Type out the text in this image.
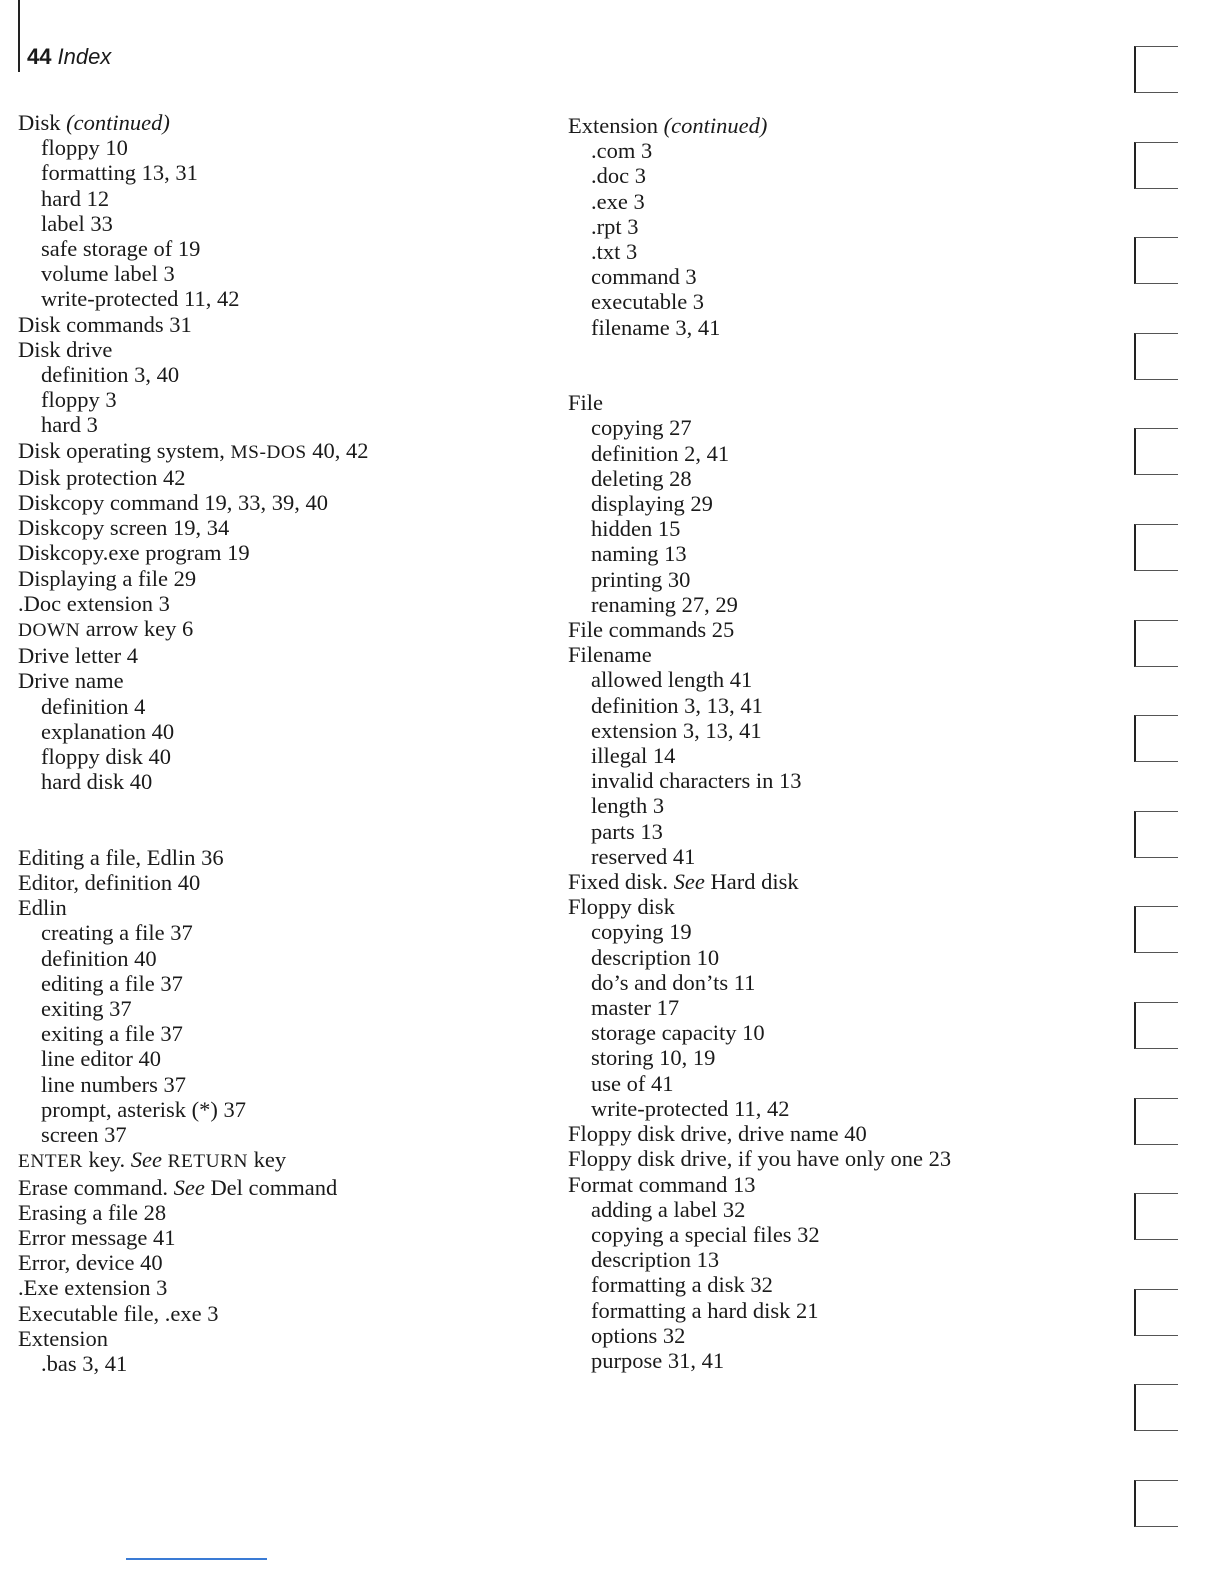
44 Index
Disk (continued)
floppy 10
formatting 13, 31
hard 12
label 33
safe storage of 19
volume label 3
write-protected 11, 42
Disk commands 31
Disk drive
definition 3, 40
floppy 3
hard 3
Disk operating system, MS-DOS 40, 42
Disk protection 42
Diskcopy command 19, 33, 39, 40
Diskcopy screen 19, 34
Diskcopy.exe program 19
Displaying a file 29
.Doc extension 3
DOWN arrow key 6
Drive letter 4
Drive name
definition 4
explanation 40
floppy disk 40
hard disk 40
Editing a file, Edlin 36
Editor, definition 40
Edlin
creating a file 37
definition 40
editing a file 37
exiting 37
exiting a file 37
line editor 40
line numbers 37
prompt, asterisk (*) 37
screen 37
ENTER key. See RETURN key
Erase command. See Del command
Erasing a file 28
Error message 41
Error, device 40
.Exe extension 3
Executable file, .exe 3
Extension
.bas 3, 41
Extension (continued)
.com 3
.doc 3
.exe 3
.rpt 3
.txt 3
command 3
executable 3
filename 3, 41
File
copying 27
definition 2, 41
deleting 28
displaying 29
hidden 15
naming 13
printing 30
renaming 27, 29
File commands 25
Filename
allowed length 41
definition 3, 13, 41
extension 3, 13, 41
illegal 14
invalid characters in 13
length 3
parts 13
reserved 41
Fixed disk. See Hard disk
Floppy disk
copying 19
description 10
do’s and don’ts 11
master 17
storage capacity 10
storing 10, 19
use of 41
write-protected 11, 42
Floppy disk drive, drive name 40
Floppy disk drive, if you have only one 23
Format command 13
adding a label 32
copying a special files 32
description 13
formatting a disk 32
formatting a hard disk 21
options 32
purpose 31, 41
